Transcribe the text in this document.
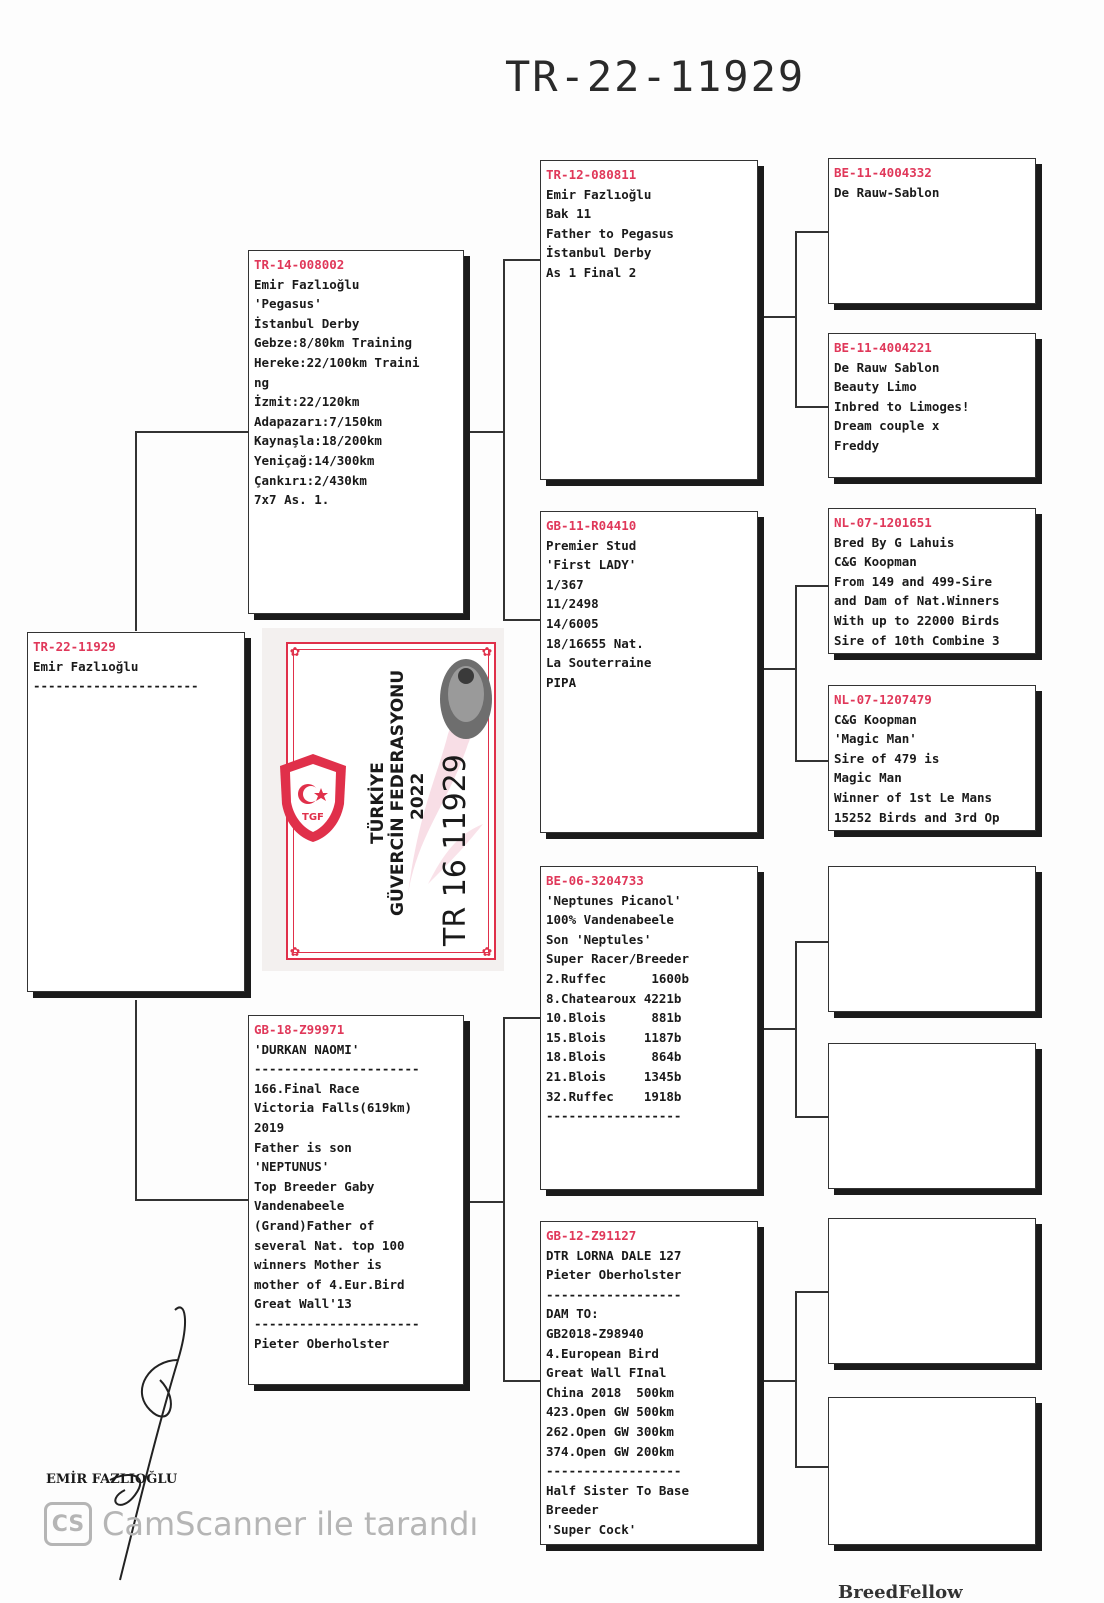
TR-22-11929
TR-22-11929
Emir Fazlıoğlu
----------------------
TR-14-008002
Emir Fazlıoğlu
'Pegasus'
İstanbul Derby
Gebze:8/80km Training
Hereke:22/100km Traini
ng
İzmit:22/120km
Adapazarı:7/150km
Kaynaşla:18/200km
Yeniçağ:14/300km
Çankırı:2/430km
7x7 As. 1.
GB-18-Z99971
'DURKAN NAOMI'
----------------------
166.Final Race
Victoria Falls(619km)
2019
Father is son
'NEPTUNUS'
Top Breeder Gaby
Vandenabeele
(Grand)Father of
several Nat. top 100
winners Mother is
mother of 4.Eur.Bird
Great Wall'13
----------------------
Pieter Oberholster
TR-12-080811
Emir Fazlıoğlu
Bak 11
Father to Pegasus
İstanbul Derby
As 1 Final 2
GB-11-R04410
Premier Stud
'First LADY'
1/367
11/2498
14/6005
18/16655 Nat.
La Souterraine
PIPA
BE-06-3204733
'Neptunes Picanol'
100% Vandenabeele
Son 'Neptules'
Super Racer/Breeder
2.Ruffec      1600b
8.Chatearoux 4221b
10.Blois      881b
15.Blois     1187b
18.Blois      864b
21.Blois     1345b
32.Ruffec    1918b
------------------
GB-12-Z91127
DTR LORNA DALE 127
Pieter Oberholster
------------------
DAM TO:
GB2018-Z98940
4.European Bird
Great Wall FInal
China 2018  500km
423.Open GW 500km
262.Open GW 300km
374.Open GW 200km
------------------
Half Sister To Base
Breeder
'Super Cock'
BE-11-4004332
De Rauw-Sablon
BE-11-4004221
De Rauw Sablon
Beauty Limo
Inbred to Limoges!
Dream couple x
Freddy
NL-07-1201651
Bred By G Lahuis
C&G Koopman
From 149 and 499-Sire
and Dam of Nat.Winners
With up to 22000 Birds
Sire of 10th Combine 3
NL-07-1207479
C&G Koopman
'Magic Man'
Sire of 479 is
Magic Man
Winner of 1st Le Mans
15252 Birds and 3rd Op
✿	✿
✿	✿
TGF	TÜRKİYE GÜVERCİN FEDERASYONU 2022 TR 16 11929
EMİR FAZLIOĞLU
CS CamScanner ile tarandı
BreedFellow
